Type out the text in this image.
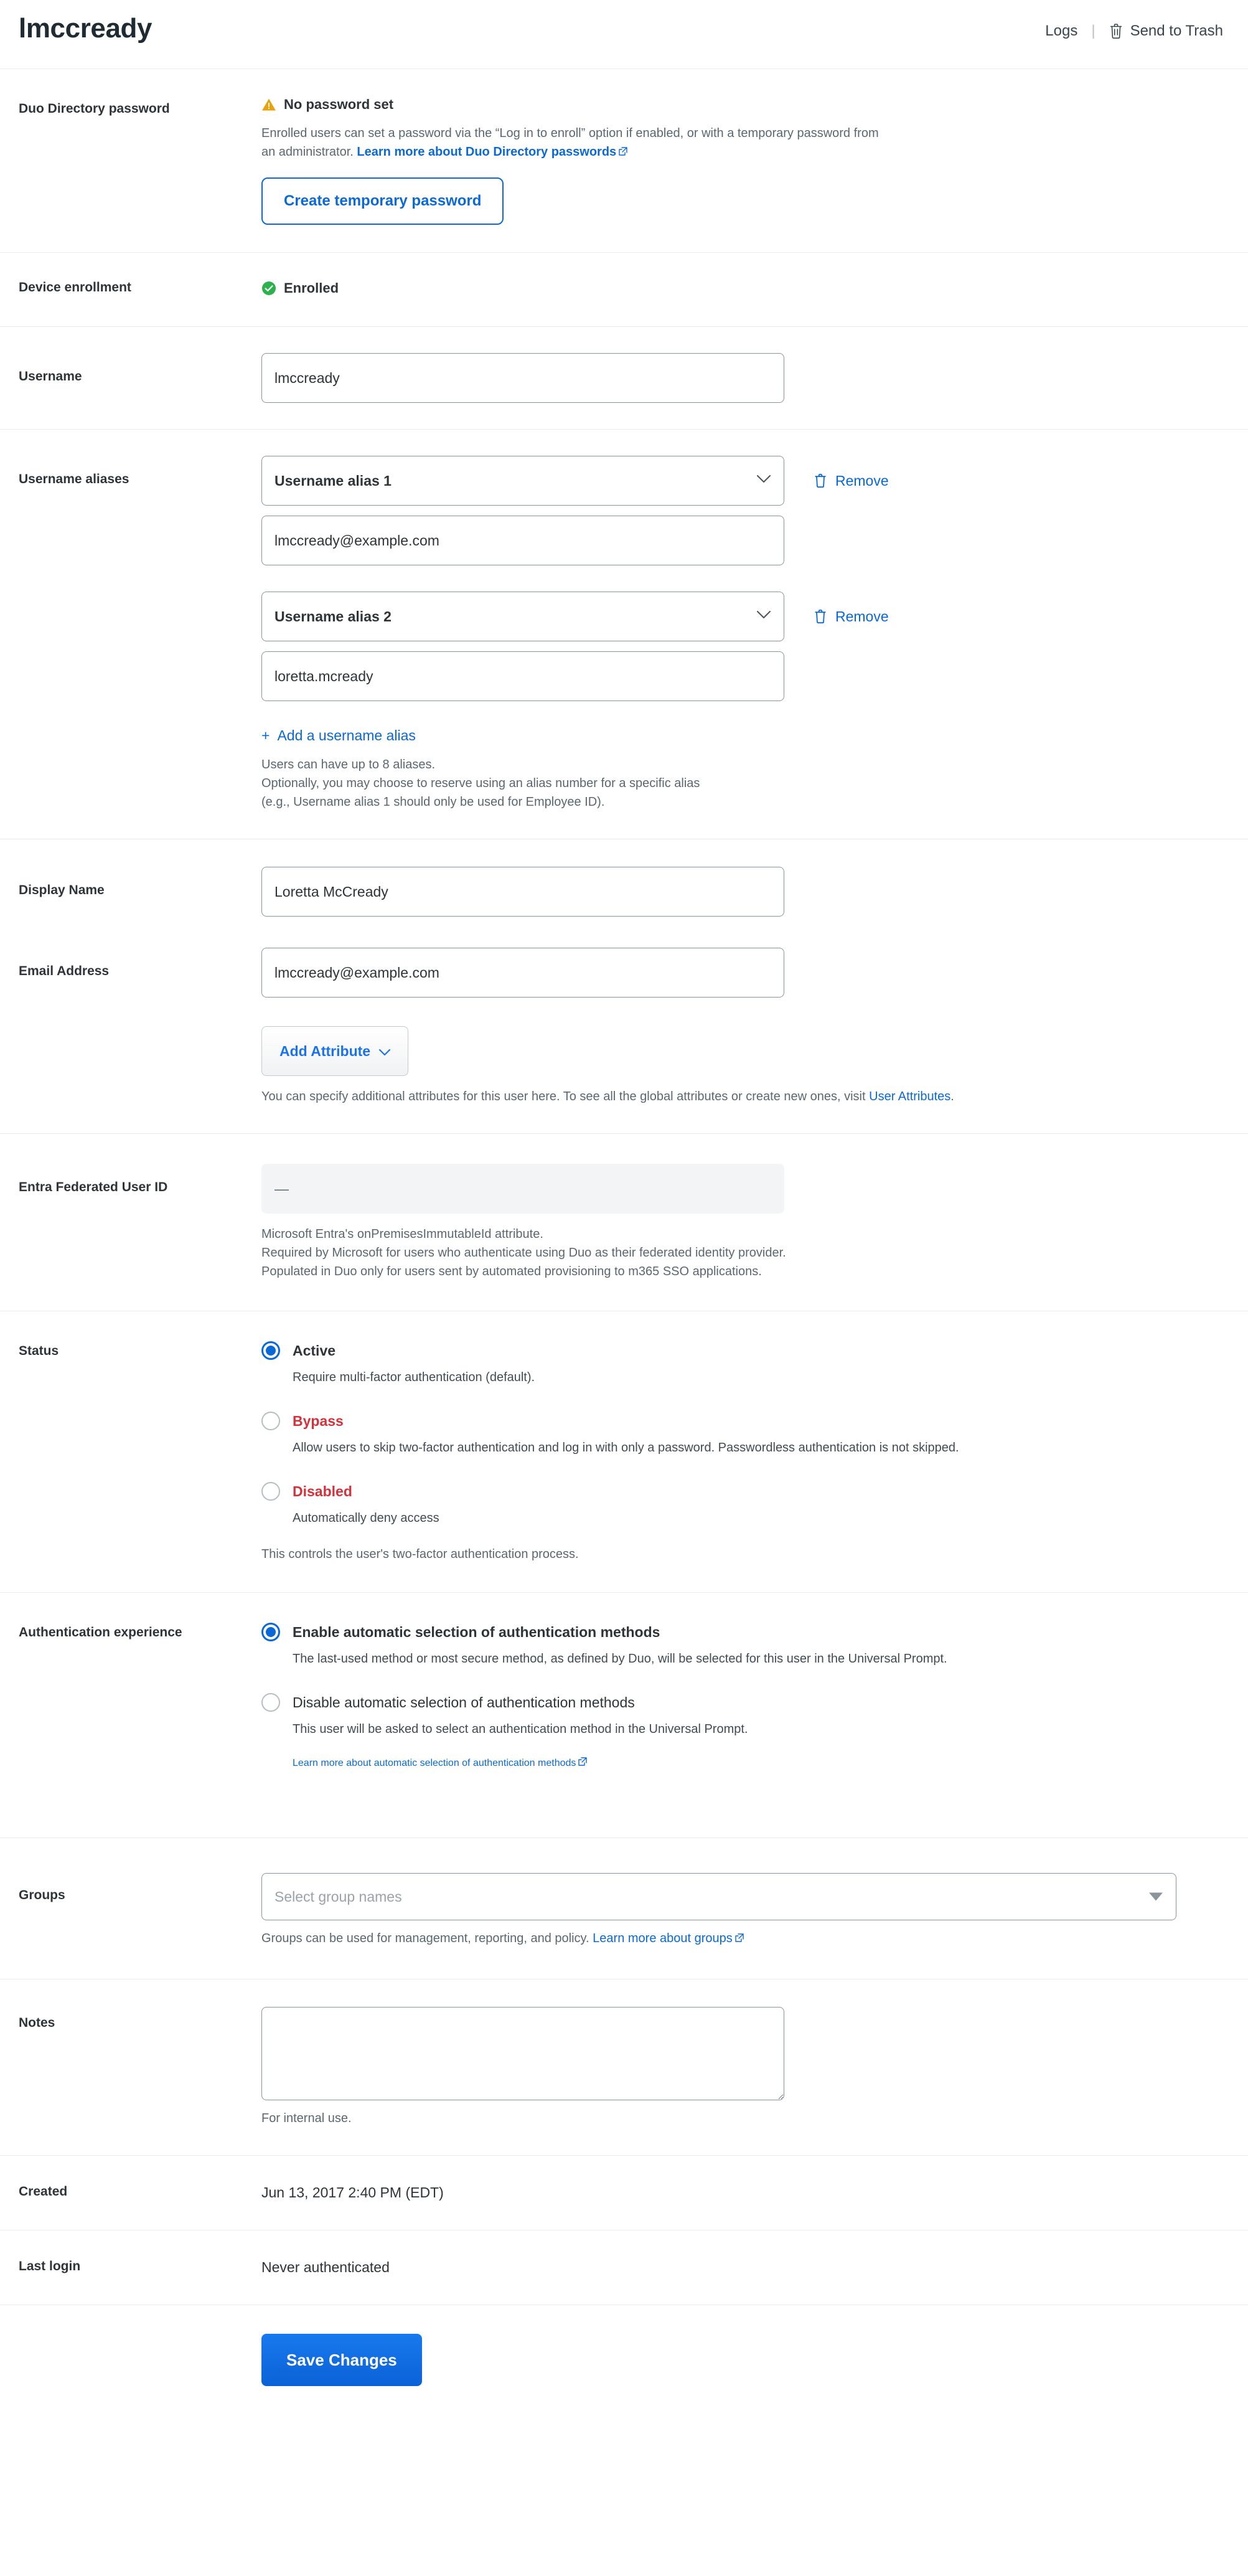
lmccready	Logs | Send to Trash
Duo Directory password	No password set
Enrolled users can set a password via the “Log in to enroll” option if enabled, or with a temporary password from
an administrator. Learn more about Duo Directory passwords
Create temporary password
Device enrollment	Enrolled
Username
lmccready
Username aliases
Username alias 1	Remove
lmccready@example.com
Username alias 2
Remove
loretta.mcready
+ Add a username alias
Users can have up to 8 aliases.
Optionally, you may choose to reserve using an alias number for a specific alias
(e.g., Username alias 1 should only be used for Employee ID).
Display Name
Loretta McCready
Email Address
lmccready@example.com
Add Attribute
You can specify additional attributes for this user here. To see all the global attributes or create new ones, visit User Attributes.
Entra Federated User ID	—
Microsoft Entra's onPremisesImmutableId attribute.
Required by Microsoft for users who authenticate using Duo as their federated identity provider.
Populated in Duo only for users sent by automated provisioning to m365 SSO applications.
Status	Active
Require multi-factor authentication (default).
Bypass
Allow users to skip two-factor authentication and log in with only a password. Passwordless authentication is not skipped.
Disabled
Automatically deny access
This controls the user's two-factor authentication process.
Authentication experience	Enable automatic selection of authentication methods
The last-used method or most secure method, as defined by Duo, will be selected for this user in the Universal Prompt.
Disable automatic selection of authentication methods
This user will be asked to select an authentication method in the Universal Prompt.
Learn more about automatic selection of authentication methods
Groups	Select group names
Groups can be used for management, reporting, and policy. Learn more about groups
Notes
For internal use.
Created	Jun 13, 2017 2:40 PM (EDT)
Last login	Never authenticated
Save Changes
